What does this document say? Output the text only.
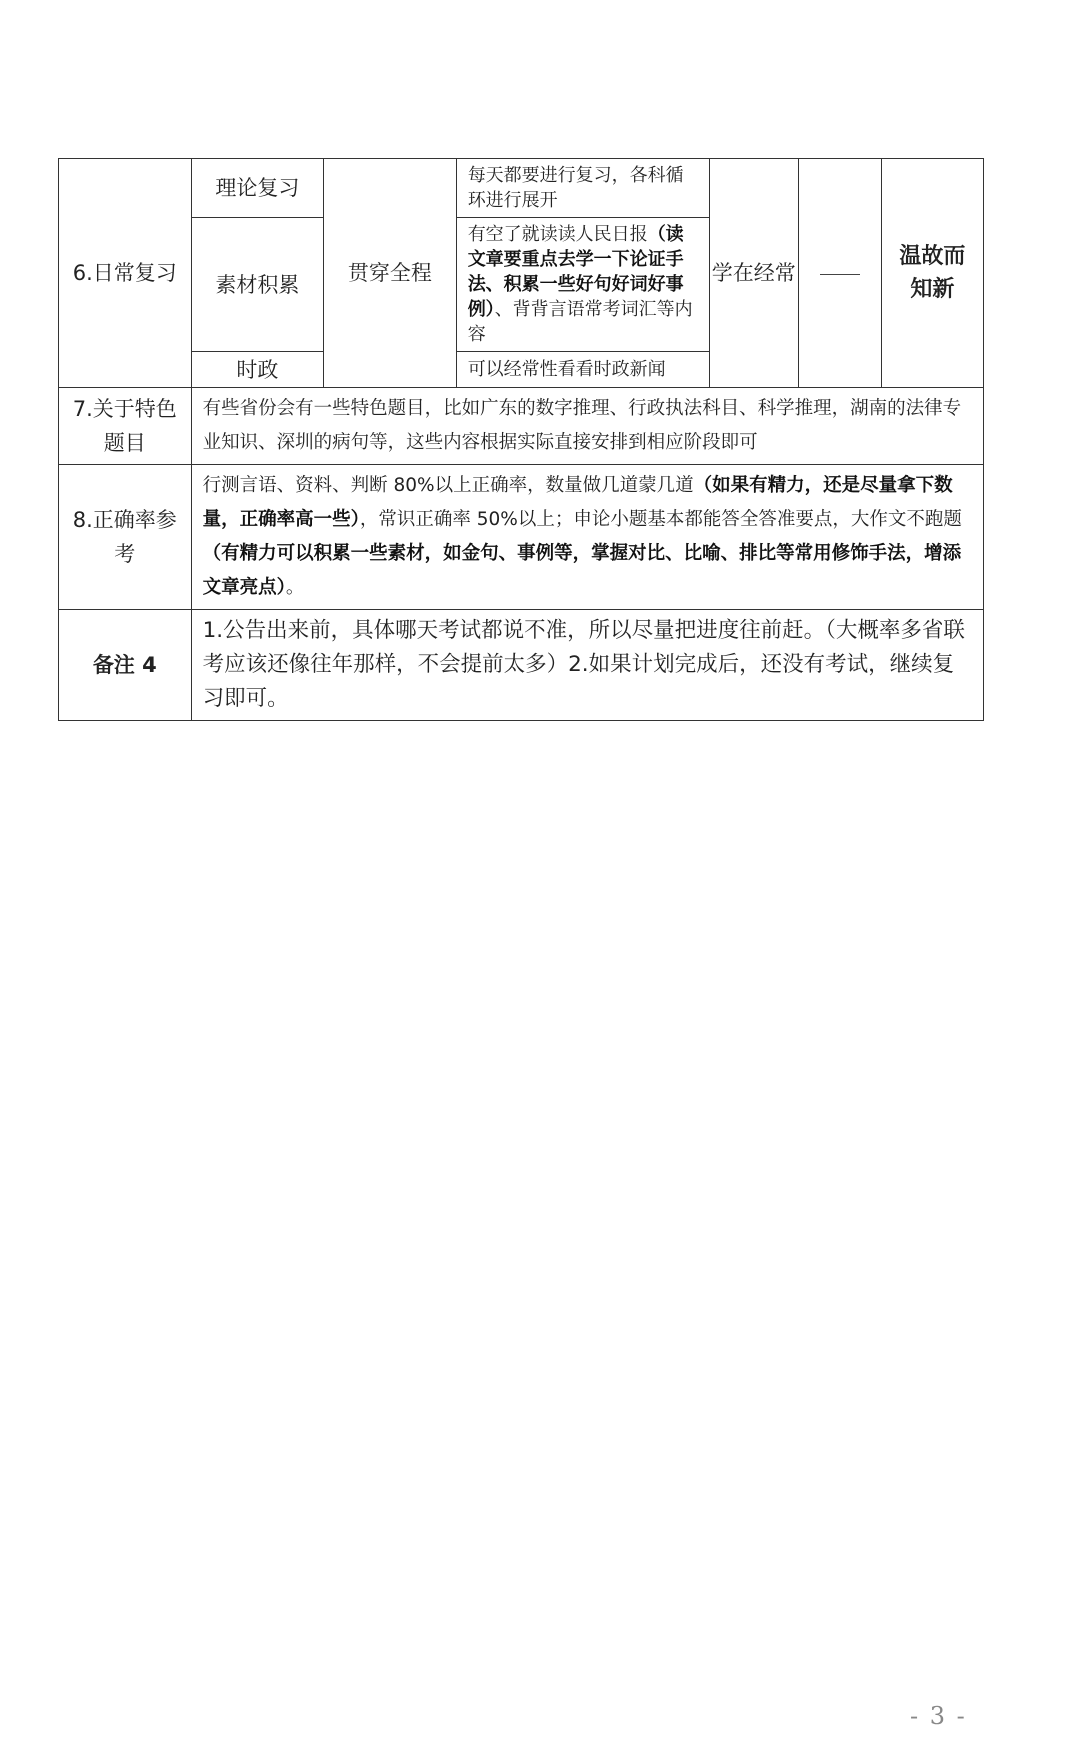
6.日常复习	理论复习	贯穿全程	每天都要进行复习，各科循环进行展开	学在经常		温故而知新
	素材积累		有空了就读读人民日报（读文章要重点去学一下论证手法、积累一些好句好词好事例）、背背言语常考词汇等内容			
	时政		可以经常性看看时政新闻			
7.关于特色题目	有些省份会有一些特色题目，比如广东的数字推理、行政执法科目、科学推理，湖南的法律专业知识、深圳的病句等，这些内容根据实际直接安排到相应阶段即可					
8.正确率参考	行测言语、资料、判断 80%以上正确率，数量做几道蒙几道（如果有精力，还是尽量拿下数量，正确率高一些），常识正确率 50%以上；申论小题基本都能答全答准要点，大作文不跑题（有精力可以积累一些素材，如金句、事例等，掌握对比、比喻、排比等常用修饰手法，增添文章亮点）。					
备注 4	1.公告出来前，具体哪天考试都说不准，所以尽量把进度往前赶。（大概率多省联考应该还像往年那样，不会提前太多）2.如果计划完成后，还没有考试，继续复习即可。					
- 3 -
